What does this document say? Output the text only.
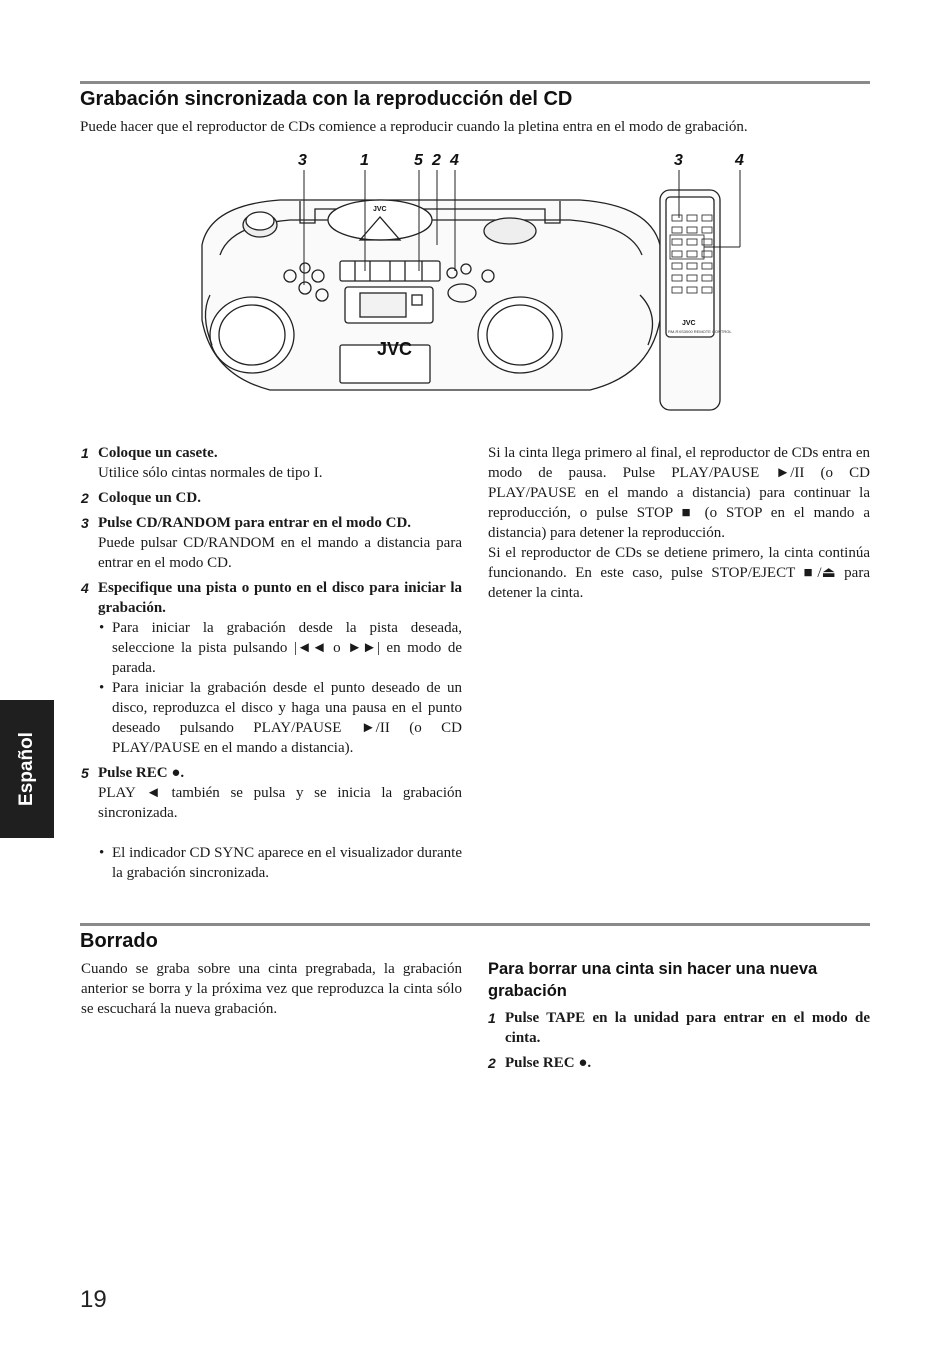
Grabación sincronizada con la reproducción del CD
Puede hacer que el reproductor de CDs comience a reproducir cuando la pletina entra en el modo de grabación.
3	1	5 2 4	3	4
JVC
JVC
JVC
RM-RXS3000 REMOTE CONTROL
1 Coloque un casete.
Utilice sólo cintas normales de tipo I.
2 Coloque un CD.
3 Pulse CD/RANDOM para entrar en el modo CD.
Puede pulsar CD/RANDOM en el mando a distancia para entrar en el modo CD.
4 Especifique una pista o punto en el disco para iniciar la grabación.
• Para iniciar la grabación desde la pista deseada, seleccione la pista pulsando |◄◄ o ►►| en modo de parada.
• Para iniciar la grabación desde el punto deseado de un disco, reproduzca el disco y haga una pausa en el punto deseado pulsando PLAY/PAUSE ►/II (o CD PLAY/PAUSE en el mando a distancia).
5 Pulse REC ●.
PLAY ◄ también se pulsa y se inicia la grabación sincronizada.
• El indicador CD SYNC aparece en el visualizador durante la grabación sincronizada.
Si la cinta llega primero al final, el reproductor de CDs entra en modo de pausa. Pulse PLAY/PAUSE ►/II (o CD PLAY/PAUSE en el mando a distancia) para continuar la reproducción, o pulse STOP ■ (o STOP en el mando a distancia) para detener la reproducción.
Si el reproductor de CDs se detiene primero, la cinta continúa funcionando. En este caso, pulse STOP/EJECT ■/⏏ para detener la cinta.
Borrado
Cuando se graba sobre una cinta pregrabada, la grabación anterior se borra y la próxima vez que reproduzca la cinta sólo se escuchará la nueva grabación.
Para borrar una cinta sin hacer una nueva grabación
1 Pulse TAPE en la unidad para entrar en el modo de cinta.
2 Pulse REC ●.
Español
19
